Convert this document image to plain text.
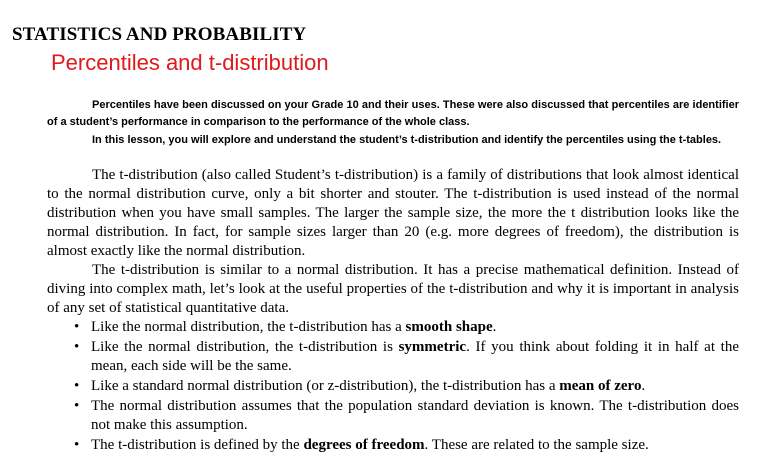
STATISTICS AND PROBABILITY
Percentiles and t-distribution
Percentiles have been discussed on your Grade 10 and their uses. These were also discussed that percentiles are identifier of a student’s performance in comparison to the performance of the whole class.
In this lesson, you will explore and understand the student’s t-distribution and identify the percentiles using the t-tables.
The t-distribution (also called Student’s t-distribution) is a family of distributions that look almost identical to the normal distribution curve, only a bit shorter and stouter. The t-distribution is used instead of the normal distribution when you have small samples. The larger the sample size, the more the t distribution looks like the normal distribution. In fact, for sample sizes larger than 20 (e.g. more degrees of freedom), the distribution is almost exactly like the normal distribution.
The t-distribution is similar to a normal distribution. It has a precise mathematical definition. Instead of diving into complex math, let’s look at the useful properties of the t-distribution and why it is important in analysis of any set of statistical quantitative data.
• Like the normal distribution, the t-distribution has a smooth shape.
• Like the normal distribution, the t-distribution is symmetric. If you think about folding it in half at the mean, each side will be the same.
• Like a standard normal distribution (or z-distribution), the t-distribution has a mean of zero.
• The normal distribution assumes that the population standard deviation is known. The t-distribution does not make this assumption.
• The t-distribution is defined by the degrees of freedom. These are related to the sample size.
